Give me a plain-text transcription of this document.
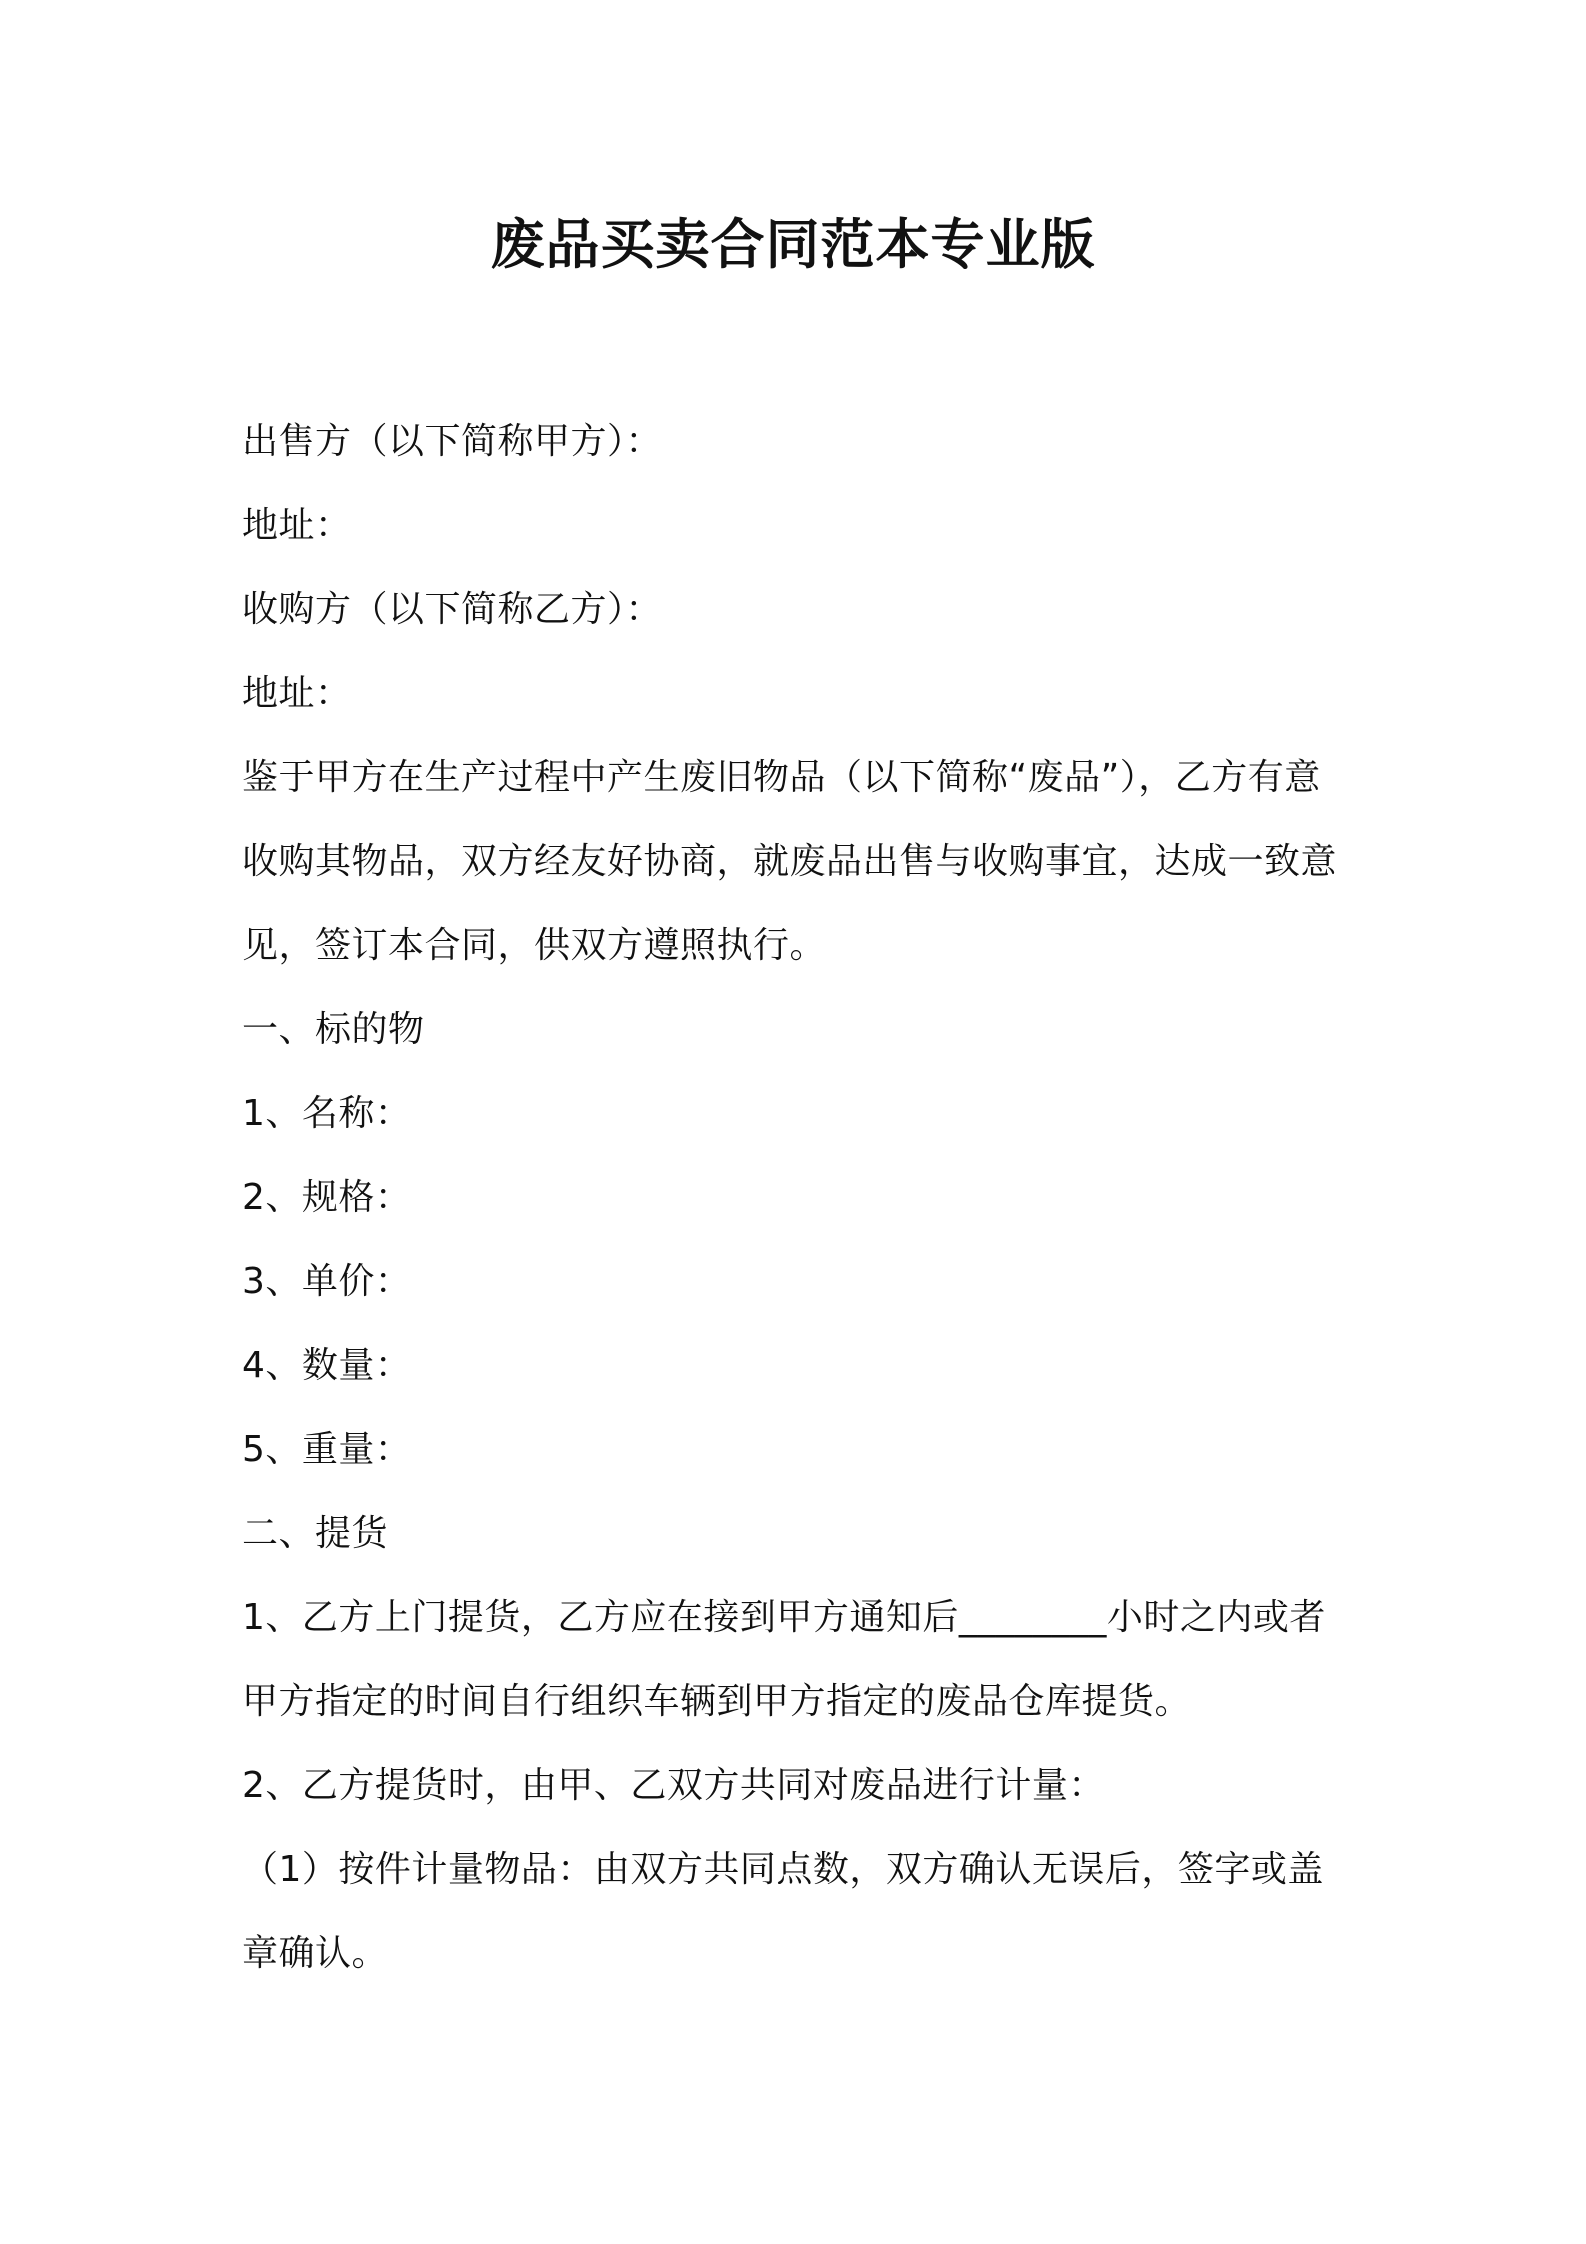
废品买卖合同范本专业版
出售方（以下简称甲方）：
地址：
收购方（以下简称乙方）：
地址：
鉴于甲方在生产过程中产生废旧物品（以下简称“废品”），乙方有意
收购其物品，双方经友好协商，就废品出售与收购事宜，达成一致意
见，签订本合同，供双方遵照执行。
一、标的物
1、名称：
2、规格：
3、单价：
4、数量：
5、重量：
二、提货
1、乙方上门提货，乙方应在接到甲方通知后________小时之内或者
甲方指定的时间自行组织车辆到甲方指定的废品仓库提货。
2、乙方提货时，由甲、乙双方共同对废品进行计量：
（1）按件计量物品：由双方共同点数，双方确认无误后，签字或盖
章确认。
